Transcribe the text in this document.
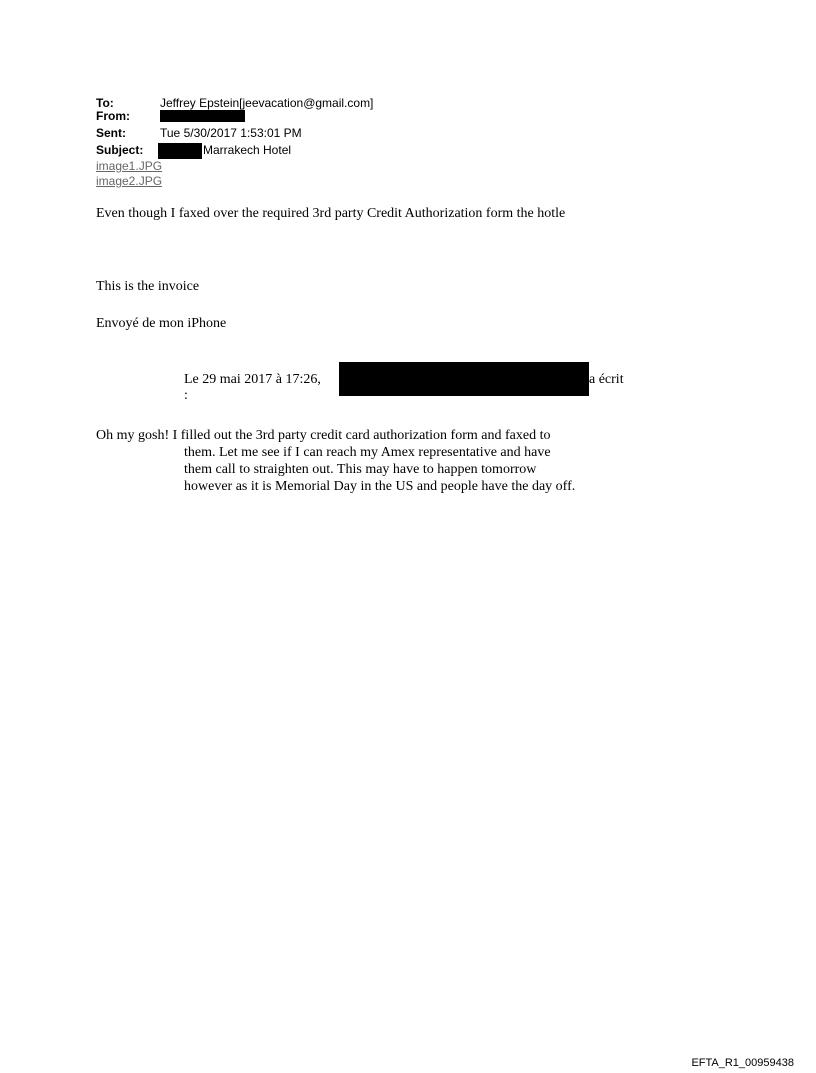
To:	Jeffrey Epstein[jeevacation@gmail.com]
From:
Sent:	Tue 5/30/2017 1:53:01 PM
Subject:	Marrakech Hotel
image1.JPG
image2.JPG
Even though I faxed over the required 3rd party Credit Authorization form the hotle
This is the invoice
Envoyé de mon iPhone
Le 29 mai 2017 à 17:26,	a écrit
:
Oh my gosh! I filled out the 3rd party credit card authorization form and faxed to
them. Let me see if I can reach my Amex representative and have
them call to straighten out. This may have to happen tomorrow
however as it is Memorial Day in the US and people have the day off.
EFTA_R1_00959438
